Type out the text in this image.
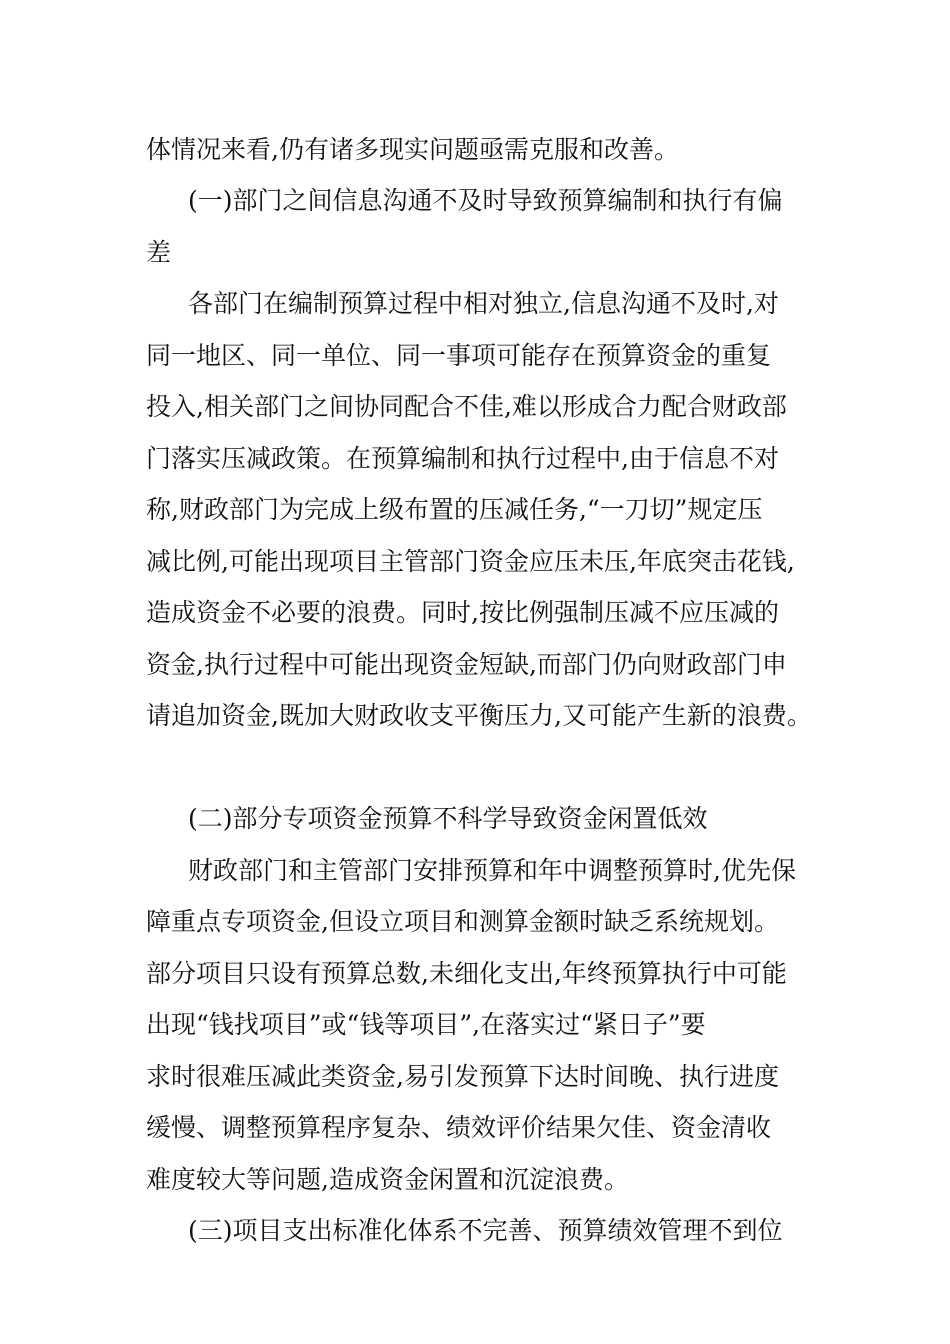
体情况来看,仍有诸多现实问题亟需克服和改善。
(一)部门之间信息沟通不及时导致预算编制和执行有偏
差
各部门在编制预算过程中相对独立,信息沟通不及时,对
同一地区、同一单位、同一事项可能存在预算资金的重复
投入,相关部门之间协同配合不佳,难以形成合力配合财政部
门落实压减政策。在预算编制和执行过程中,由于信息不对
称,财政部门为完成上级布置的压减任务,“一刀切”规定压
减比例,可能出现项目主管部门资金应压未压,年底突击花钱,
造成资金不必要的浪费。同时,按比例强制压减不应压减的
资金,执行过程中可能出现资金短缺,而部门仍向财政部门申
请追加资金,既加大财政收支平衡压力,又可能产生新的浪费。
(二)部分专项资金预算不科学导致资金闲置低效
财政部门和主管部门安排预算和年中调整预算时,优先保
障重点专项资金,但设立项目和测算金额时缺乏系统规划。
部分项目只设有预算总数,未细化支出,年终预算执行中可能
出现“钱找项目”或“钱等项目”,在落实过“紧日子”要
求时很难压减此类资金,易引发预算下达时间晚、执行进度
缓慢、调整预算程序复杂、绩效评价结果欠佳、资金清收
难度较大等问题,造成资金闲置和沉淀浪费。
(三)项目支出标准化体系不完善、预算绩效管理不到位
